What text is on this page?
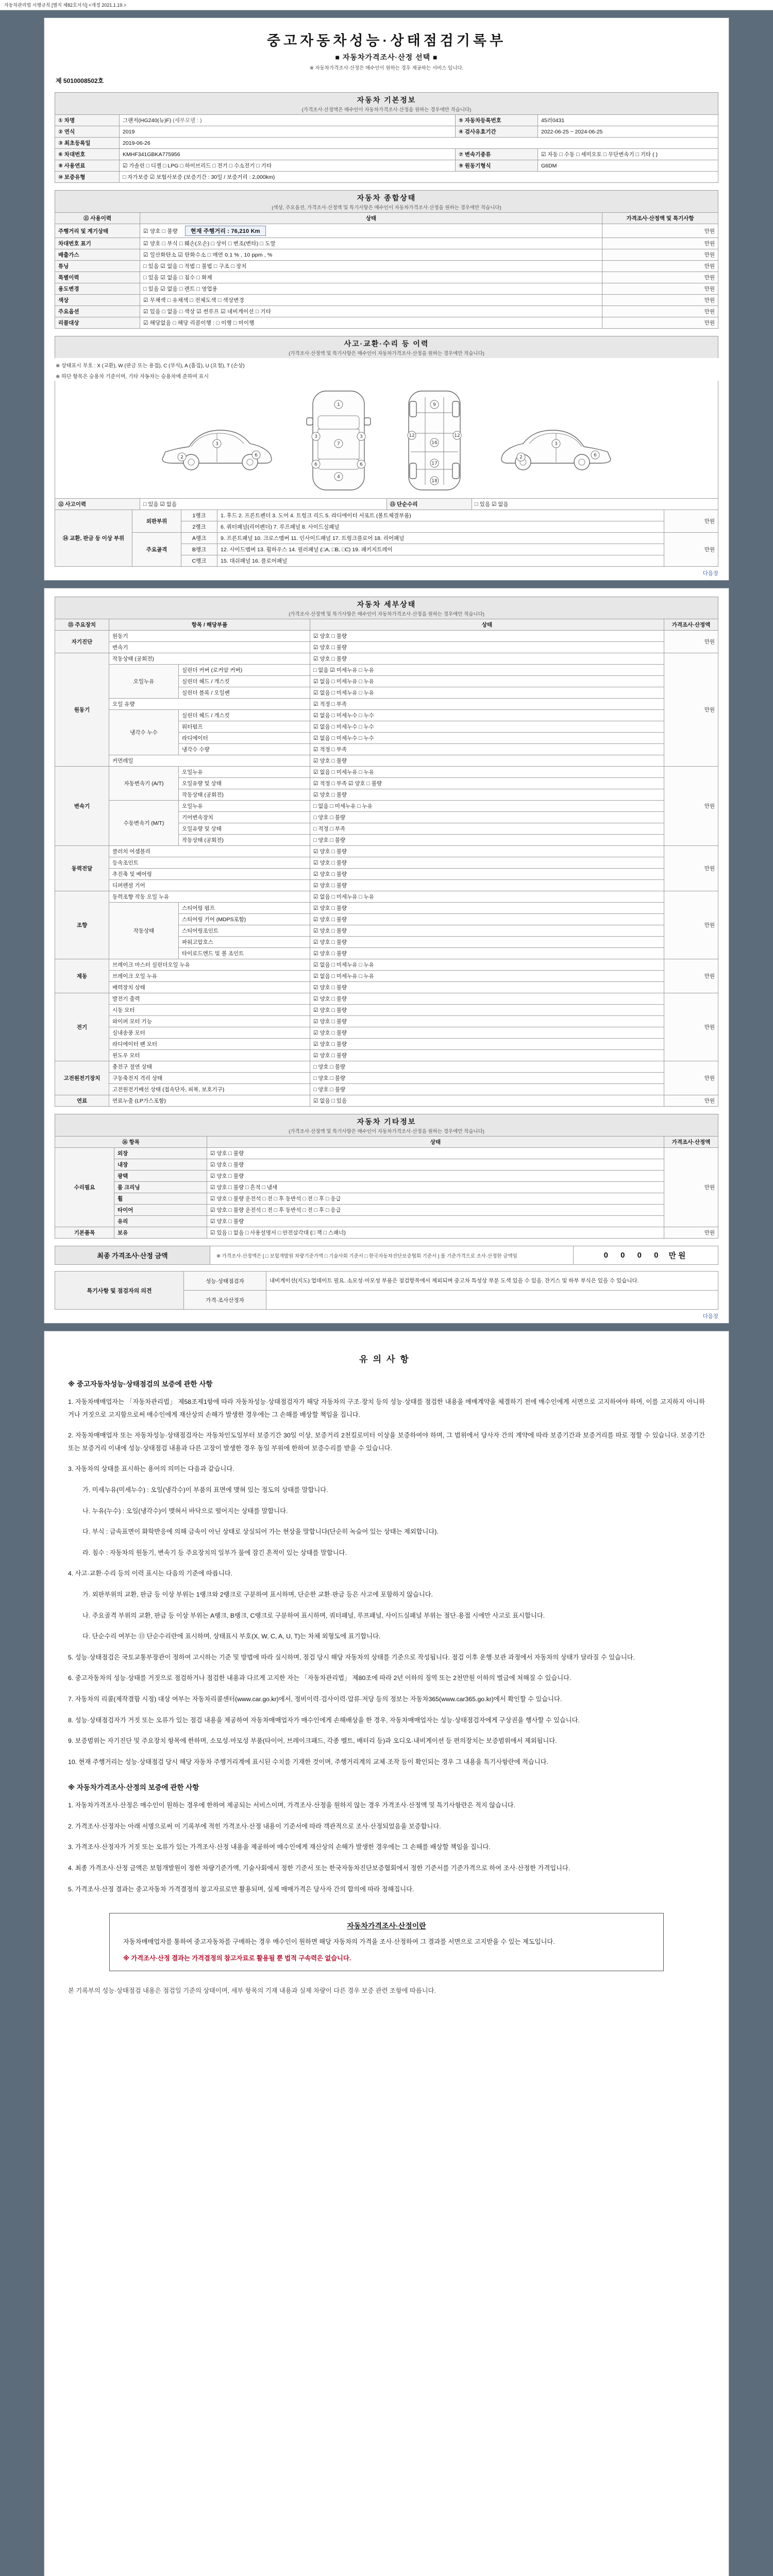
자동차관리법 시행규칙 [별지 제82호서식] <개정 2021.1.19.>
중고자동차성능·상태점검기록부
■ 자동차가격조사·산정 선택 ■
※ 자동차가격조사·산정은 매수인이 원하는 경우 제공하는 서비스 입니다.
제 5010008502호
자동차 기본정보
(가격조사·산정액은 매수인이 자동차가격조사·산정을 원하는 경우에만 적습니다)
① 차명	그랜저(HG240(뉴)F) (세부모델 : )	⑤ 자동차등록번호	45러0431
② 연식	2019	④ 검사유효기간	2022-06-25 ~ 2024-06-25
③ 최초등록일	2019-06-26		
⑥ 차대번호	KMHF341GBKA775956	⑦ 변속기종류	☑ 자동 □ 수동 □ 세미오토 □ 무단변속기 □ 기타 ( )
⑧ 사용연료	☑ 가솔린 □ 디젤 □ LPG □ 하이브리드 □ 전기 □ 수소전기 □ 기타	⑨ 원동기형식	G6DM
⑩ 보증유형	□ 자가보증 ☑ 보험사보증 (보증기간 : 30일 / 보증거리 : 2,000km)		
자동차 종합상태
(색상, 주요옵션, 가격조사·산정액 및 특기사항은 매수인이 자동차가격조사·산정을 원하는 경우에만 적습니다)
⑪ 사용이력	상태	가격조사·산정액 및 특기사항
주행거리 및 계기상태	☑ 양호 □ 불량 현재 주행거리 : 76,210 Km	만원
차대번호 표기	☑ 양호 □ 부식 □ 훼손(오손) □ 상이 □ 변조(변타) □ 도말	만원
배출가스	☑ 일산화탄소 ☑ 탄화수소 □ 매연 0.1 % , 10 ppm , %	만원
튜닝	□ 있음 ☑ 없음 □ 적법 □ 불법 □ 구조 □ 장치	만원
특별이력	□ 있음 ☑ 없음 □ 침수 □ 화재	만원
용도변경	□ 있음 ☑ 없음 □ 렌트 □ 영업용	만원
색상	☑ 무채색 □ 유채색 □ 전체도색 □ 색상변경	만원
주요옵션	☑ 있음 □ 없음 □ 색상 ☑ 썬루프 ☑ 네비게이션 □ 기타	만원
리콜대상	☑ 해당없음 □ 해당 리콜이행 : □ 이행 □ 미이행	만원
사고·교환·수리 등 이력
(가격조사·산정액 및 특기사항은 매수인이 자동차가격조사·산정을 원하는 경우에만 적습니다)
※ 상태표시 부호 : X (교환), W (판금 또는 용접), C (부식), A (흠집), U (요철), T (손상)
※ 하단 항목은 승용차 기준이며, 기타 자동차는 승용차에 준하여 표시
2
3
6
1
7
4
3	3
6	6
9
16
12	12
17
18
2
3
6
⑫ 사고이력	□ 있음 ☑ 없음	⑬ 단순수리	□ 있음 ☑ 없음
⑭ 교환, 판금 등 이상 부위	외판부위	1랭크	1. 후드 2. 프론트펜더 3. 도어 4. 트렁크 리드 5. 라디에이터 서포트 (볼트체결부품)	만원
		2랭크	6. 쿼터패널(리어펜더) 7. 루프패널 8. 사이드실패널	
	주요골격	A랭크	9. 프론트패널 10. 크로스멤버 11. 인사이드패널 17. 트렁크플로어 18. 리어패널	만원
		B랭크	12. 사이드멤버 13. 휠하우스 14. 필러패널 (□A, □B, □C) 19. 패키지트레이	
		C랭크	15. 대쉬패널 16. 플로어패널	
다음장
자동차 세부상태
(가격조사·산정액 및 특기사항은 매수인이 자동차가격조사·산정을 원하는 경우에만 적습니다)
⑮ 주요장치	항목 / 해당부품		상태	가격조사·산정액
자기진단	원동기		☑ 양호 □ 불량	만원
	변속기		☑ 양호 □ 불량	
원동기	작동상태 (공회전)		☑ 양호 □ 불량	만원
	오일누유	실린더 커버 (로커암 커버)	□ 없음 ☑ 미세누유 □ 누유	
		실린더 헤드 / 개스킷	☑ 없음 □ 미세누유 □ 누유	
		실린더 블록 / 오일팬	☑ 없음 □ 미세누유 □ 누유	
	오일 유량		☑ 적정 □ 부족	
	냉각수 누수	실린더 헤드 / 개스킷	☑ 없음 □ 미세누수 □ 누수	
		워터펌프	☑ 없음 □ 미세누수 □ 누수	
		라디에이터	☑ 없음 □ 미세누수 □ 누수	
		냉각수 수량	☑ 적정 □ 부족	
	커먼레일		☑ 양호 □ 불량	
변속기	자동변속기 (A/T)	오일누유	☑ 없음 □ 미세누유 □ 누유	만원
		오일유량 및 상태	☑ 적정 □ 부족 ☑ 양호 □ 불량	
		작동상태 (공회전)	☑ 양호 □ 불량	
	수동변속기 (M/T)	오일누유	□ 없음 □ 미세누유 □ 누유	
		기어변속장치	□ 양호 □ 불량	
		오일유량 및 상태	□ 적정 □ 부족	
		작동상태 (공회전)	□ 양호 □ 불량	
동력전달	클러치 어셈블리		☑ 양호 □ 불량	만원
	등속조인트		☑ 양호 □ 불량	
	추진축 및 베어링		☑ 양호 □ 불량	
	디퍼렌셜 기어		☑ 양호 □ 불량	
조향	동력조향 작동 오일 누유		☑ 없음 □ 미세누유 □ 누유	만원
	작동상태	스티어링 펌프	☑ 양호 □ 불량	
		스티어링 기어 (MDPS포함)	☑ 양호 □ 불량	
		스티어링조인트	☑ 양호 □ 불량	
		파워고압호스	☑ 양호 □ 불량	
		타이로드엔드 및 볼 조인트	☑ 양호 □ 불량	
제동	브레이크 마스터 실린더오일 누유		☑ 없음 □ 미세누유 □ 누유	만원
	브레이크 오일 누유		☑ 없음 □ 미세누유 □ 누유	
	배력장치 상태		☑ 양호 □ 불량	
전기	발전기 출력		☑ 양호 □ 불량	만원
	시동 모터		☑ 양호 □ 불량	
	와이퍼 모터 기능		☑ 양호 □ 불량	
	실내송풍 모터		☑ 양호 □ 불량	
	라디에이터 팬 모터		☑ 양호 □ 불량	
	윈도우 모터		☑ 양호 □ 불량	
고전원전기장치	충전구 절연 상태		□ 양호 □ 불량	만원
	구동축전지 격리 상태		□ 양호 □ 불량	
	고전원전기배선 상태 (접속단자, 피복, 보호기구)		□ 양호 □ 불량	
연료	연료누출 (LP가스포함)		☑ 없음 □ 있음	만원
자동차 기타정보
(가격조사·산정액 및 특기사항은 매수인이 자동차가격조사·산정을 원하는 경우에만 적습니다)
⑯ 항목		상태	가격조사·산정액
수리필요	외장	☑ 양호 □ 불량	만원
	내장	☑ 양호 □ 불량	
	광택	☑ 양호 □ 불량	
	룸 크리닝	☑ 양호 □ 불량 □ 흔적 □ 냄새	
	휠	☑ 양호 □ 불량 운전석 □ 전 □ 후 동반석 □ 전 □ 후 □ 응급	
	타이어	☑ 양호 □ 불량 운전석 □ 전 □ 후 동반석 □ 전 □ 후 □ 응급	
	유리	☑ 양호 □ 불량	
기본품목	보유	☑ 있음 □ 없음 □ 사용설명서 □ 안전삼각대 (□ 잭 □ 스패너)	만원
최종 가격조사·산정 금액	※ 가격조사·산정액은 [ □ 보험개발원 차량기준가액 □ 기술사회 기준서 □ 한국자동차진단보증협회 기준서 ] 를 기준가격으로 조사·산정한 금액임	0 0 0 0 만원
특기사항 및 점검자의 의견	성능·상태점검자	내비게이션(지도) 업데이트 필요. 소모성·마모성 부품은 점검항목에서 제외되며 중고차 특성상 부분 도색 있을 수 있음. 잔기스 및 하부 부식은 있을 수 있습니다.
	가격·조사산정자	
다음장
유의사항
※ 중고자동차성능·상태점검의 보증에 관한 사항

1. 자동차매매업자는 「자동차관리법」 제58조제1항에 따라 자동차성능·상태점검자가 해당 자동차의 구조·장치 등의 성능·상태를 점검한 내용을 매매계약을 체결하기 전에 매수인에게 서면으로 고지하여야 하며, 이를 고지하지 아니하거나 거짓으로 고지함으로써 매수인에게 재산상의 손해가 발생한 경우에는 그 손해를 배상할 책임을 집니다.

2. 자동차매매업자 또는 자동차성능·상태점검자는 자동차인도일부터 보증기간 30일 이상, 보증거리 2천킬로미터 이상을 보증하여야 하며, 그 범위에서 당사자 간의 계약에 따라 보증기간과 보증거리를 따로 정할 수 있습니다. 보증기간 또는 보증거리 이내에 성능·상태점검 내용과 다른 고장이 발생한 경우 동일 부위에 한하여 보증수리를 받을 수 있습니다.

3. 자동차의 상태를 표시하는 용어의 의미는 다음과 같습니다.

가. 미세누유(미세누수) : 오일(냉각수)이 부품의 표면에 맺혀 있는 정도의 상태를 말합니다.

나. 누유(누수) : 오일(냉각수)이 맺혀서 바닥으로 떨어지는 상태를 말합니다.

다. 부식 : 금속표면이 화학반응에 의해 금속이 아닌 상태로 상실되어 가는 현상을 말합니다(단순히 녹슬어 있는 상태는 제외합니다).

라. 침수 : 자동차의 원동기, 변속기 등 주요장치의 일부가 물에 잠긴 흔적이 있는 상태를 말합니다.

4. 사고·교환·수리 등의 이력 표시는 다음의 기준에 따릅니다.

가. 외판부위의 교환, 판금 등 이상 부위는 1랭크와 2랭크로 구분하여 표시하며, 단순한 교환·판금 등은 사고에 포함하지 않습니다.

나. 주요골격 부위의 교환, 판금 등 이상 부위는 A랭크, B랭크, C랭크로 구분하여 표시하며, 쿼터패널, 루프패널, 사이드실패널 부위는 절단·용접 시에만 사고로 표시합니다.

다. 단순수리 여부는 ⑬ 단순수리란에 표시하며, 상태표시 부호(X, W, C, A, U, T)는 차체 외형도에 표기합니다.

5. 성능·상태점검은 국토교통부장관이 정하여 고시하는 기준 및 방법에 따라 실시하며, 점검 당시 해당 자동차의 상태를 기준으로 작성됩니다. 점검 이후 운행·보관 과정에서 자동차의 상태가 달라질 수 있습니다.

6. 중고자동차의 성능·상태를 거짓으로 점검하거나 점검한 내용과 다르게 고지한 자는 「자동차관리법」 제80조에 따라 2년 이하의 징역 또는 2천만원 이하의 벌금에 처해질 수 있습니다.

7. 자동차의 리콜(제작결함 시정) 대상 여부는 자동차리콜센터(www.car.go.kr)에서, 정비이력·검사이력·압류·저당 등의 정보는 자동차365(www.car365.go.kr)에서 확인할 수 있습니다.

8. 성능·상태점검자가 거짓 또는 오류가 있는 점검 내용을 제공하여 자동차매매업자가 매수인에게 손해배상을 한 경우, 자동차매매업자는 성능·상태점검자에게 구상권을 행사할 수 있습니다.

9. 보증범위는 자기진단 및 주요장치 항목에 한하며, 소모성·마모성 부품(타이어, 브레이크패드, 각종 벨트, 배터리 등)과 오디오·내비게이션 등 편의장치는 보증범위에서 제외됩니다.

10. 현재 주행거리는 성능·상태점검 당시 해당 자동차 주행거리계에 표시된 수치를 기재한 것이며, 주행거리계의 교체·조작 등이 확인되는 경우 그 내용을 특기사항란에 적습니다.

※ 자동차가격조사·산정의 보증에 관한 사항

1. 자동차가격조사·산정은 매수인이 원하는 경우에 한하여 제공되는 서비스이며, 가격조사·산정을 원하지 않는 경우 가격조사·산정액 및 특기사항란은 적지 않습니다.

2. 가격조사·산정자는 아래 서명으로써 이 기록부에 적힌 가격조사·산정 내용이 기준서에 따라 객관적으로 조사·산정되었음을 보증합니다.

3. 가격조사·산정자가 거짓 또는 오류가 있는 가격조사·산정 내용을 제공하여 매수인에게 재산상의 손해가 발생한 경우에는 그 손해를 배상할 책임을 집니다.

4. 최종 가격조사·산정 금액은 보험개발원이 정한 차량기준가액, 기술사회에서 정한 기준서 또는 한국자동차진단보증협회에서 정한 기준서를 기준가격으로 하여 조사·산정한 가격입니다.

5. 가격조사·산정 결과는 중고자동차 가격결정의 참고자료로만 활용되며, 실제 매매가격은 당사자 간의 합의에 따라 정해집니다.

자동차가격조사·산정이란

자동차매매업자를 통하여 중고자동차를 구매하는 경우 매수인이 원하면 해당 자동차의 가격을 조사·산정하여 그 결과를 서면으로 고지받을 수 있는 제도입니다.

※ 가격조사·산정 결과는 가격결정의 참고자료로 활용될 뿐 법적 구속력은 없습니다.

본 기록부의 성능·상태점검 내용은 점검일 기준의 상태이며, 세부 항목의 기재 내용과 실제 차량이 다른 경우 보증 관련 조항에 따릅니다.
